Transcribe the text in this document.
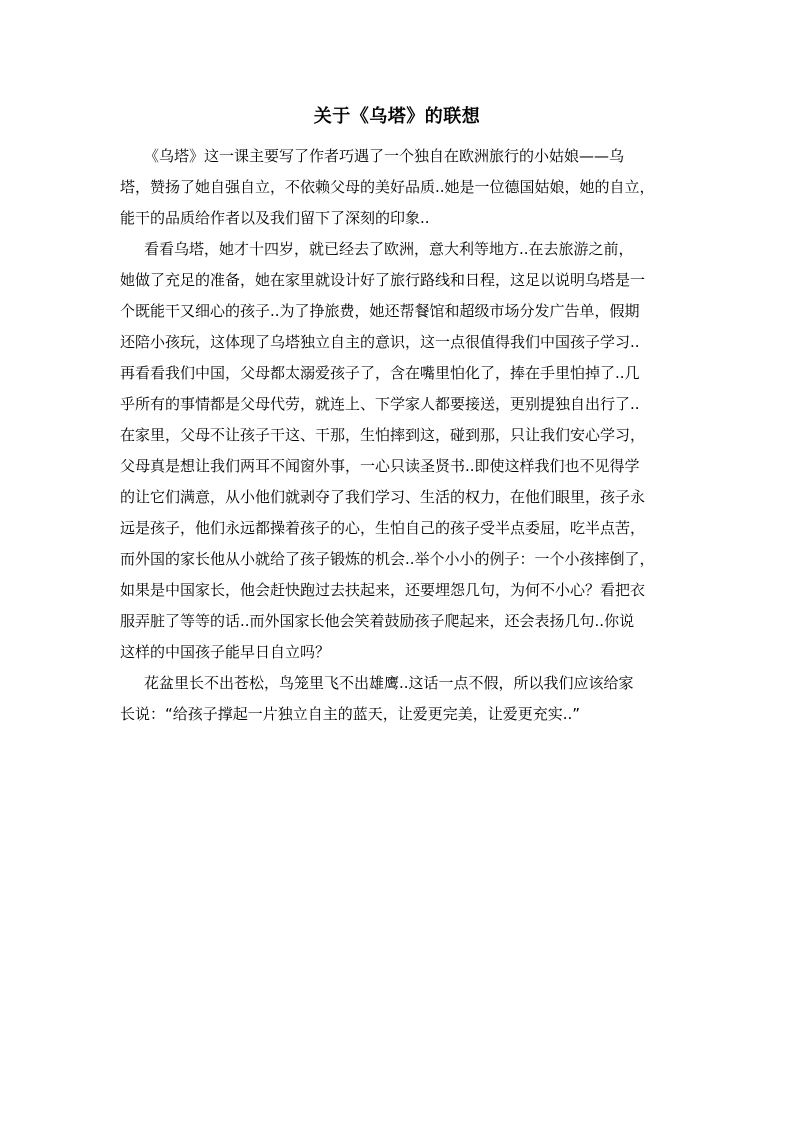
关于《乌塔》的联想
《乌塔》这一课主要写了作者巧遇了一个独自在欧洲旅行的小姑娘——乌
塔，赞扬了她自强自立，不依赖父母的美好品质..她是一位德国姑娘，她的自立，
能干的品质给作者以及我们留下了深刻的印象..
看看乌塔，她才十四岁，就已经去了欧洲，意大利等地方..在去旅游之前，
她做了充足的准备，她在家里就设计好了旅行路线和日程，这足以说明乌塔是一
个既能干又细心的孩子..为了挣旅费，她还帮餐馆和超级市场分发广告单，假期
还陪小孩玩，这体现了乌塔独立自主的意识，这一点很值得我们中国孩子学习..
再看看我们中国，父母都太溺爱孩子了，含在嘴里怕化了，捧在手里怕掉了..几
乎所有的事情都是父母代劳，就连上、下学家人都要接送，更别提独自出行了..
在家里，父母不让孩子干这、干那，生怕摔到这，碰到那，只让我们安心学习，
父母真是想让我们两耳不闻窗外事，一心只读圣贤书..即使这样我们也不见得学
的让它们满意，从小他们就剥夺了我们学习、生活的权力，在他们眼里，孩子永
远是孩子，他们永远都操着孩子的心，生怕自己的孩子受半点委屈，吃半点苦，
而外国的家长他从小就给了孩子锻炼的机会..举个小小的例子：一个小孩摔倒了，
如果是中国家长，他会赶快跑过去扶起来，还要埋怨几句，为何不小心？看把衣
服弄脏了等等的话..而外国家长他会笑着鼓励孩子爬起来，还会表扬几句..你说
这样的中国孩子能早日自立吗？
花盆里长不出苍松，鸟笼里飞不出雄鹰..这话一点不假，所以我们应该给家
长说：“给孩子撑起一片独立自主的蓝天，让爱更完美，让爱更充实..”
